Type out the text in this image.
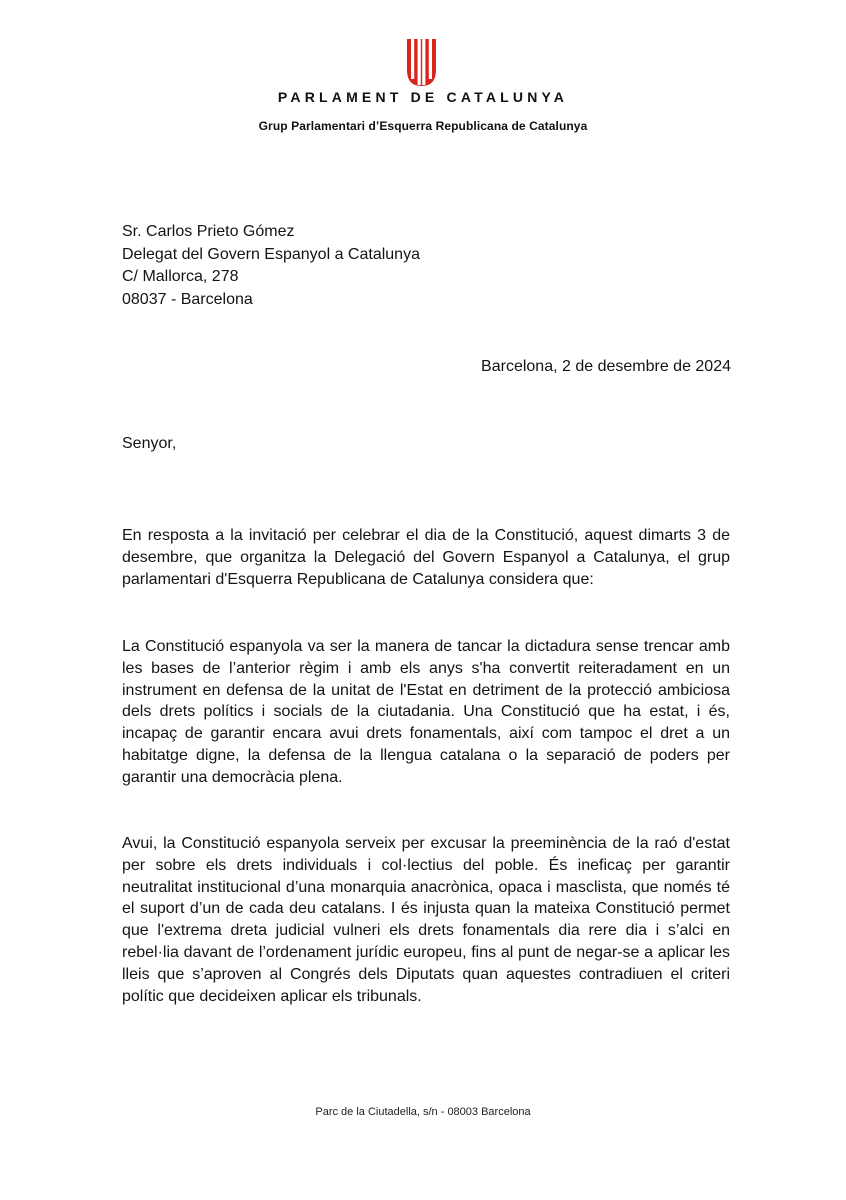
PARLAMENT DE CATALUNYA
Grup Parlamentari d’Esquerra Republicana de Catalunya
Sr. Carlos Prieto Gómez
Delegat del Govern Espanyol a Catalunya
C/ Mallorca, 278
08037 - Barcelona
Barcelona, 2 de desembre de 2024
Senyor,

En resposta a la invitació per celebrar el dia de la Constitució, aquest dimarts 3 de desembre, que organitza la Delegació del Govern Espanyol a Catalunya, el grup parlamentari d'Esquerra Republicana de Catalunya considera que:

La Constitució espanyola va ser la manera de tancar la dictadura sense trencar amb les bases de l’anterior règim i amb els anys s'ha convertit reiteradament en un instrument en defensa de la unitat de l'Estat en detriment de la protecció ambiciosa dels drets polítics i socials de la ciutadania. Una Constitució que ha estat, i és, incapaç de garantir encara avui drets fonamentals, així com tampoc el dret a un habitatge digne, la defensa de la llengua catalana o la separació de poders per garantir una democràcia plena.

Avui, la Constitució espanyola serveix per excusar la preeminència de la raó d'estat per sobre els drets individuals i col·lectius del poble. És ineficaç per garantir neutralitat institucional d’una monarquia anacrònica, opaca i masclista, que només té el suport d’un de cada deu catalans. I és injusta quan la mateixa Constitució permet que l'extrema dreta judicial vulneri els drets fonamentals dia rere dia i s’alci en rebel·lia davant de l’ordenament jurídic europeu, fins al punt de negar-se a aplicar les lleis que s’aproven al Congrés dels Diputats quan aquestes contradiuen el criteri polític que decideixen aplicar els tribunals.

Parc de la Ciutadella, s/n - 08003 Barcelona
